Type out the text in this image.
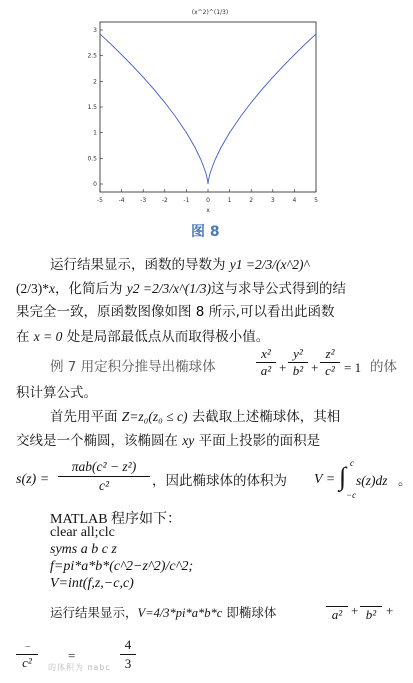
(x^2)^(1/3)
-5	-4	-3	-2	-1	0	1	2	3	4	5
0
0.5
1
1.5
2
2.5
3
x
图 8
运行结果显示，函数的导数为 y1 =2/3/(x^2)^
(2/3)*x，化简后为 y2 =2/3/x^(1/3)这与求导公式得到的结
果完全一致，原函数图像如图 8 所示,可以看出此函数
在 x = 0 处是局部最低点从而取得极小值。
例 7 用定积分推导出椭球体	$\frac{\text{x²}}{\text{a²}} + \frac{\text{y²}}{\text{b²}} + \frac{\text{z²}}{\text{c²}} = 1$ 的体
积计算公式。
首先用平面 Z=z₀(z₀ ≤ c) 去截取上述椭球体，其相
交线是一个椭圆，该椭圆在 xy 平面上投影的面积是
s(z) =
πab(c² − z²)
c²	，因此椭球体的体积为 V = ∫ c
−c
s(z)dz 。
MATLAB 程序如下：
clear all;clc
syms a b c z
f=pi*a*b*(c^2−z^2)/c^2;
V=int(f,z,−c,c)
运行结果显示，V=4/3*pi*a*b*c 即椭球体	a² + b² +
¯
c²	=
的体积为 πabc $\frac{4}{3}$
